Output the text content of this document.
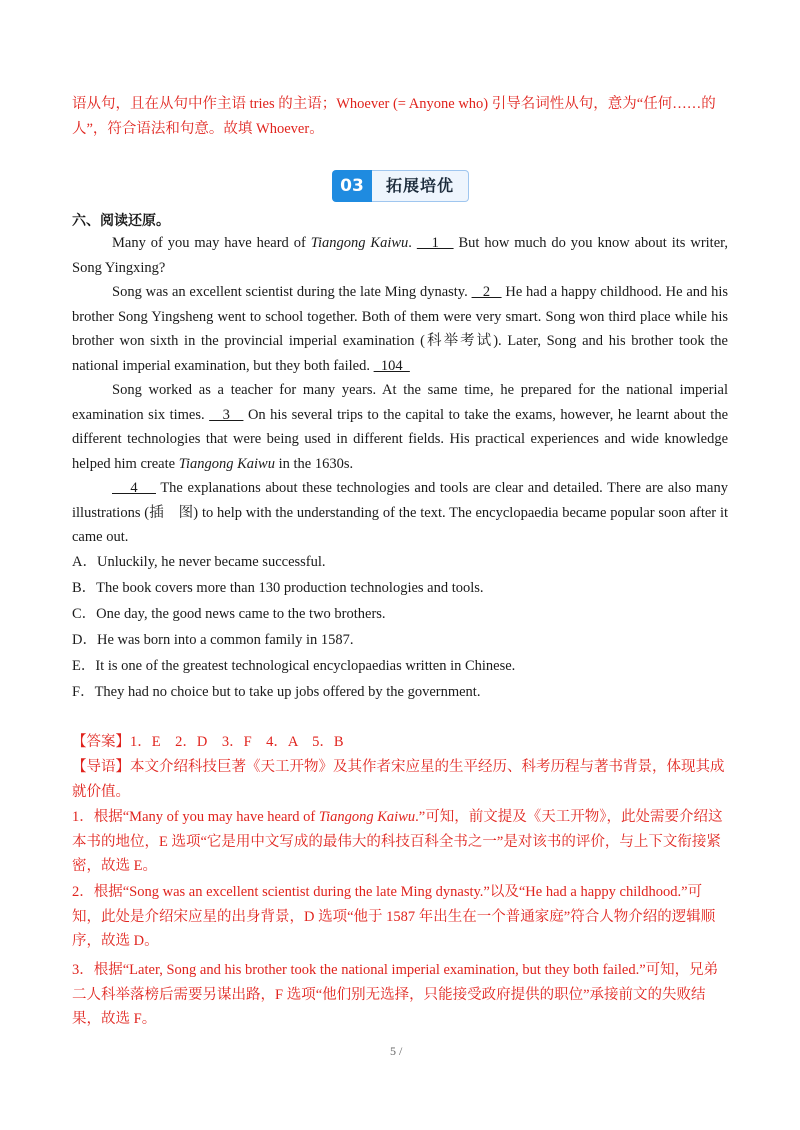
语从句，且在从句中作主语 tries 的主语；Whoever (= Anyone who) 引导名词性从句，意为“任何……的
人”，符合语法和句意。故填 Whoever。
03	拓展培优
六、阅读还原。
Many of you may have heard of Tiangong Kaiwu.    1    But how much do you know about its writer, Song Yingxing?
Song was an excellent scientist during the late Ming dynasty.    2    He had a happy childhood. He and his brother Song Yingsheng went to school together. Both of them were very smart. Song won third place while his brother won sixth in the provincial imperial examination (科举考试). Later, Song and his brother took the national imperial examination, but they both failed.   104
Song worked as a teacher for many years. At the same time, he prepared for the national imperial examination six times.    3    On his several trips to the capital to take the exams, however, he learnt about the different technologies that were being used in different fields. His practical experiences and wide knowledge helped him create Tiangong Kaiwu in the 1630s.
4     The explanations about these technologies and tools are clear and detailed. There are also many illustrations (插　图) to help with the understanding of the text. The encyclopaedia became popular soon after it came out.
A．Unluckily, he never became successful.
B．The book covers more than 130 production technologies and tools.
C．One day, the good news came to the two brothers.
D．He was born into a common family in 1587.
E．It is one of the greatest technological encyclopaedias written in Chinese.
F．They had no choice but to take up jobs offered by the government.
【答案】1．E　2．D　3．F　4．A　5．B
【导语】本文介绍科技巨著《天工开物》及其作者宋应星的生平经历、科考历程与著书背景，体现其成就价值。
1．根据“Many of you may have heard of Tiangong Kaiwu.”可知，前文提及《天工开物》，此处需要介绍这本书的地位，E 选项“它是用中文写成的最伟大的科技百科全书之一”是对该书的评价，与上下文衔接紧密，故选 E。
2．根据“Song was an excellent scientist during the late Ming dynasty.”以及“He had a happy childhood.”可知，此处是介绍宋应星的出身背景，D 选项“他于 1587 年出生在一个普通家庭”符合人物介绍的逻辑顺序，故选 D。
3．根据“Later, Song and his brother took the national imperial examination, but they both failed.”可知，兄弟二人科举落榜后需要另谋出路，F 选项“他们别无选择，只能接受政府提供的职位”承接前文的失败结果，故选 F。
5 /
